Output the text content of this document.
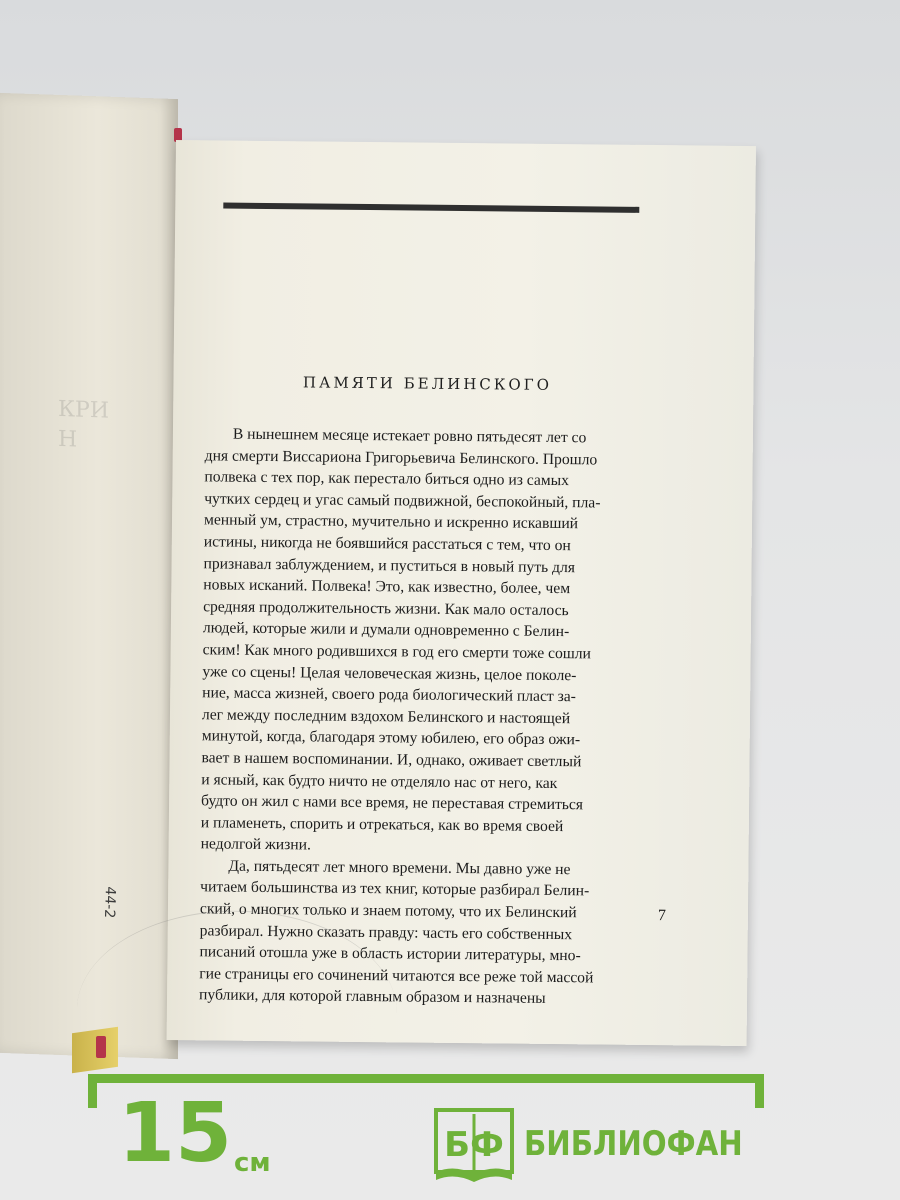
КРИ
Н
44-2
ПАМЯТИ БЕЛИНСКОГО
В нынешнем месяце истекает ровно пятьдесят лет со
дня смерти Виссариона Григорьевича Белинского. Прошло
полвека с тех пор, как перестало биться одно из самых
чутких сердец и угас самый подвижной, беспокойный, пла-
менный ум, страстно, мучительно и искренно искавший
истины, никогда не боявшийся расстаться с тем, что он
признавал заблуждением, и пуститься в новый путь для
новых исканий. Полвека! Это, как известно, более, чем
средняя продолжительность жизни. Как мало осталось
людей, которые жили и думали одновременно с Белин-
ским! Как много родившихся в год его смерти тоже сошли
уже со сцены! Целая человеческая жизнь, целое поколе-
ние, масса жизней, своего рода биологический пласт за-
лег между последним вздохом Белинского и настоящей
минутой, когда, благодаря этому юбилею, его образ ожи-
вает в нашем воспоминании. И, однако, оживает светлый
и ясный, как будто ничто не отделяло нас от него, как
будто он жил с нами все время, не переставая стремиться
и пламенеть, спорить и отрекаться, как во время своей
недолгой жизни.
Да, пятьдесят лет много времени. Мы давно уже не
читаем большинства из тех книг, которые разбирал Белин-
ский, о многих только и знаем потому, что их Белинский
разбирал. Нужно сказать правду: часть его собственных
писаний отошла уже в область истории литературы, мно-
гие страницы его сочинений читаются все реже той массой
публики, для которой главным образом и назначены
7
15 см	БФ БИБЛИОФАН
